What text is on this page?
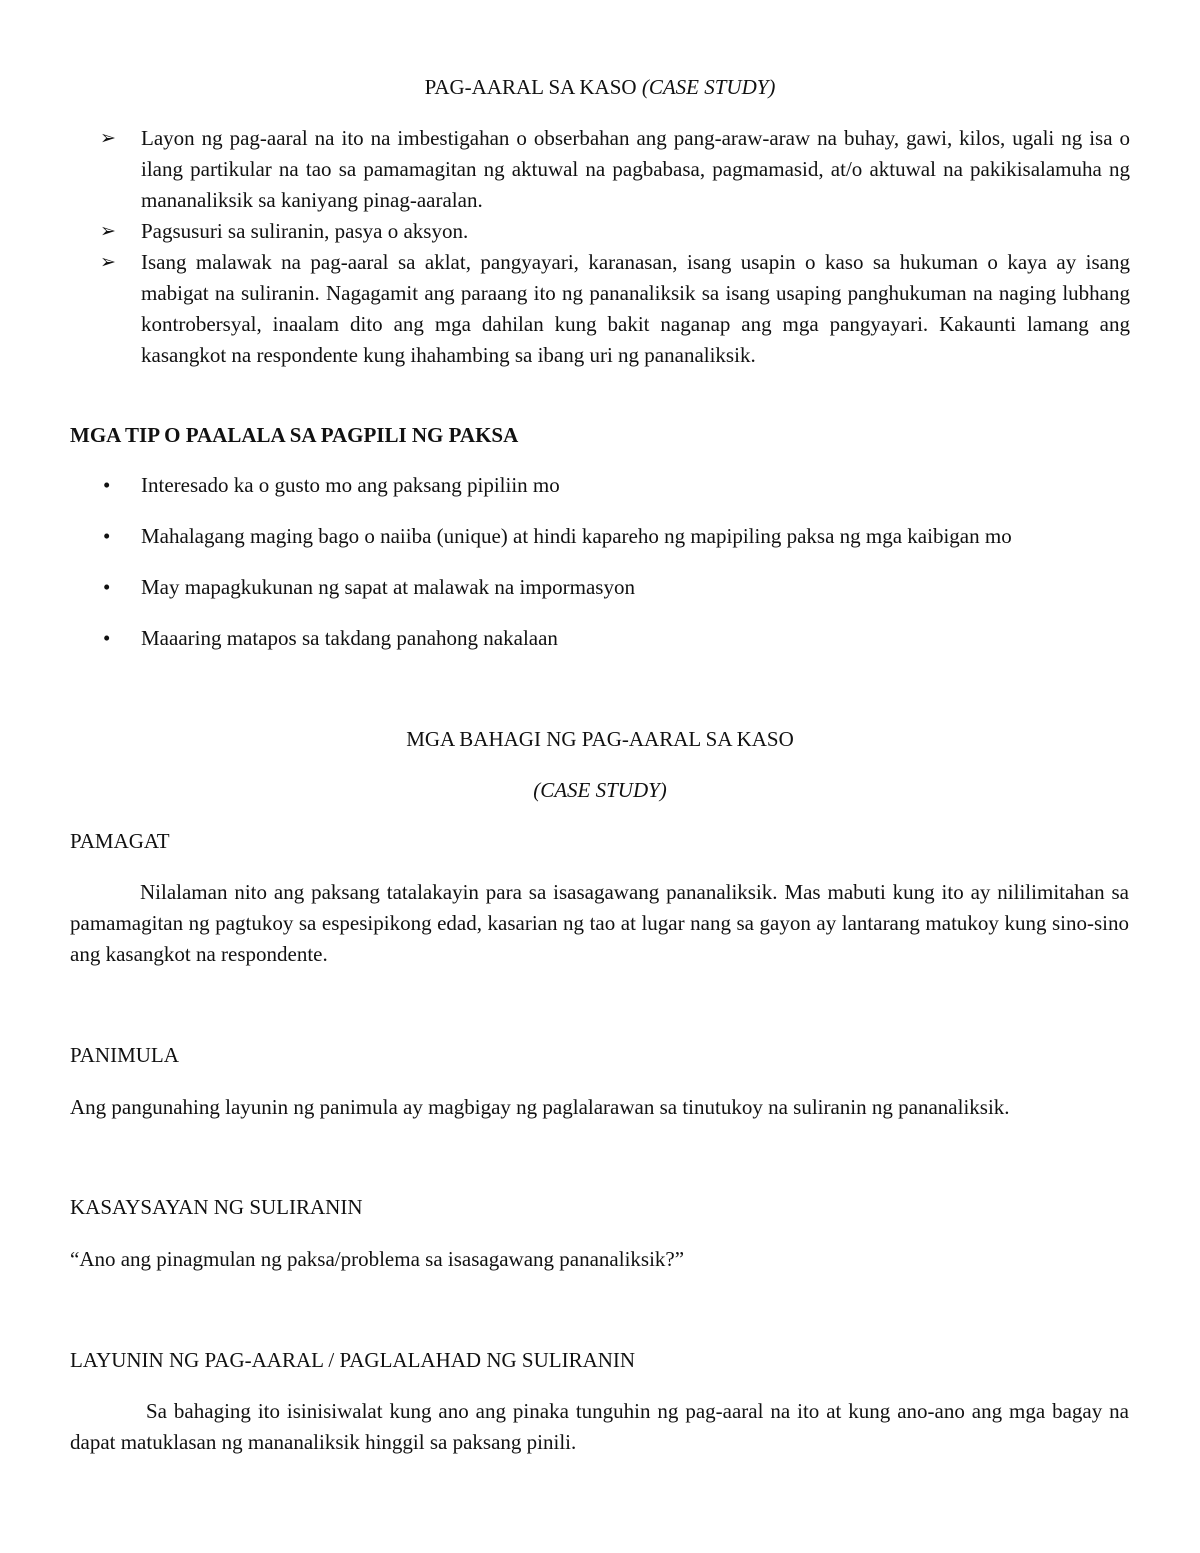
PAG-AARAL SA KASO (CASE STUDY)
➢	Layon ng pag-aaral na ito na imbestigahan o obserbahan ang pang-araw-araw na buhay, gawi, kilos, ugali ng isa o ilang partikular na tao sa pamamagitan ng aktuwal na pagbabasa, pagmamasid, at/o aktuwal na pakikisalamuha ng mananaliksik sa kaniyang pinag-aaralan.
➢	Pagsusuri sa suliranin, pasya o aksyon.
➢	Isang malawak na pag-aaral sa aklat, pangyayari, karanasan, isang usapin o kaso sa hukuman o kaya ay isang mabigat na suliranin. Nagagamit ang paraang ito ng pananaliksik sa isang usaping panghukuman na naging lubhang kontrobersyal, inaalam dito ang mga dahilan kung bakit naganap ang mga pangyayari. Kakaunti lamang ang kasangkot na respondente kung ihahambing sa ibang uri ng pananaliksik.
MGA TIP O PAALALA SA PAGPILI NG PAKSA
• Interesado ka o gusto mo ang paksang pipiliin mo
• Mahalagang maging bago o naiiba (unique) at hindi kapareho ng mapipiling paksa ng mga kaibigan mo
• May mapagkukunan ng sapat at malawak na impormasyon
• Maaaring matapos sa takdang panahong nakalaan
MGA BAHAGI NG PAG-AARAL SA KASO
(CASE STUDY)
PAMAGAT
Nilalaman nito ang paksang tatalakayin para sa isasagawang pananaliksik. Mas mabuti kung ito ay nililimitahan sa pamamagitan ng pagtukoy sa espesipikong edad, kasarian ng tao at lugar nang sa gayon ay lantarang matukoy kung sino-sino ang kasangkot na respondente.
PANIMULA
Ang pangunahing layunin ng panimula ay magbigay ng paglalarawan sa tinutukoy na suliranin ng pananaliksik.
KASAYSAYAN NG SULIRANIN
“Ano ang pinagmulan ng paksa/problema sa isasagawang pananaliksik?”
LAYUNIN NG PAG-AARAL / PAGLALAHAD NG SULIRANIN
Sa bahaging ito isinisiwalat kung ano ang pinaka tunguhin ng pag-aaral na ito at kung ano-ano ang mga bagay na dapat matuklasan ng mananaliksik hinggil sa paksang pinili.
